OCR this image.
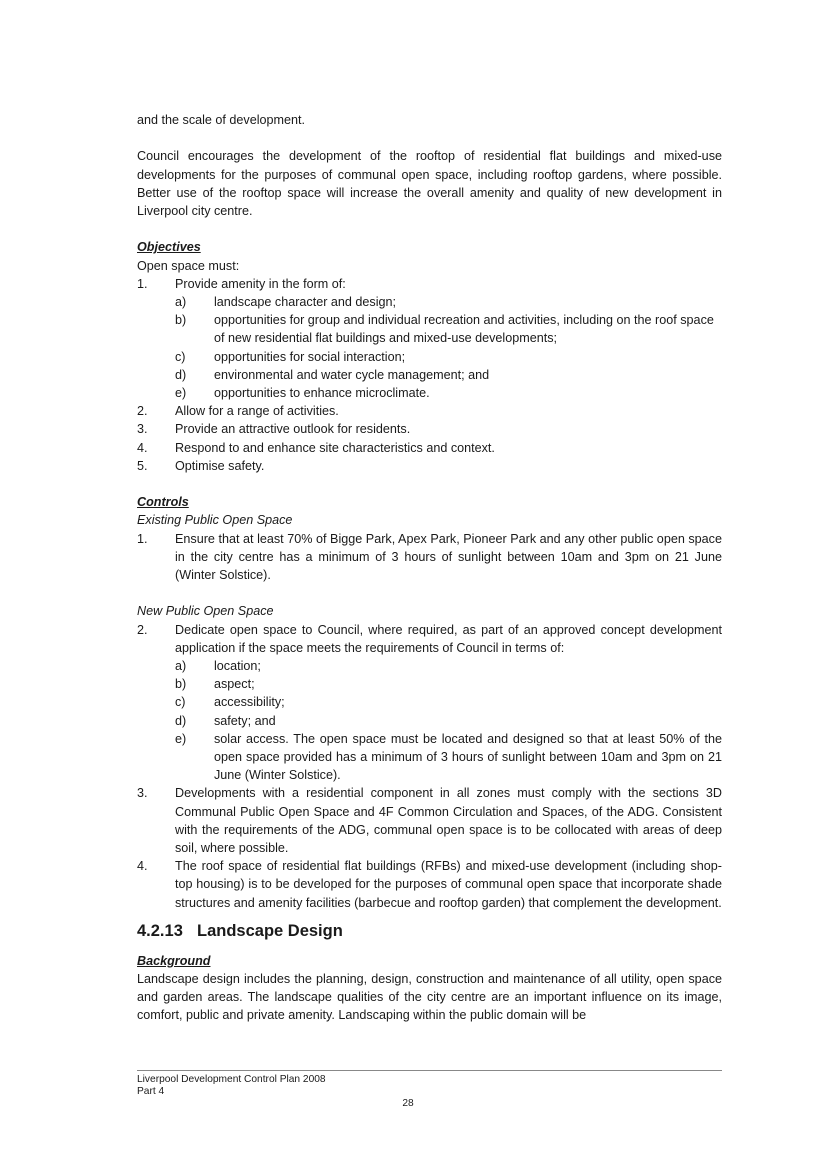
and the scale of development.

Council encourages the development of the rooftop of residential flat buildings and mixed-use developments for the purposes of communal open space, including rooftop gardens, where possible. Better use of the rooftop space will increase the overall amenity and quality of new development in Liverpool city centre.

Objectives

Open space must:

1.	Provide amenity in the form of:
a)	landscape character and design;
b)	opportunities for group and individual recreation and activities, including on the roof space of new residential flat buildings and mixed-use developments;
c)	opportunities for social interaction;
d)	environmental and water cycle management; and
e)	opportunities to enhance microclimate.
2.	Allow for a range of activities.
3.	Provide an attractive outlook for residents.
4.	Respond to and enhance site characteristics and context.
5.	Optimise safety.

Controls

Existing Public Open Space

1.	Ensure that at least 70% of Bigge Park, Apex Park, Pioneer Park and any other public open space in the city centre has a minimum of 3 hours of sunlight between 10am and 3pm on 21 June (Winter Solstice).

New Public Open Space

2.	Dedicate open space to Council, where required, as part of an approved concept development application if the space meets the requirements of Council in terms of:
a)	location;
b)	aspect;
c)	accessibility;
d)	safety; and
e)	solar access. The open space must be located and designed so that at least 50% of the open space provided has a minimum of 3 hours of sunlight between 10am and 3pm on 21 June (Winter Solstice).
3.	Developments with a residential component in all zones must comply with the sections 3D Communal Public Open Space and 4F Common Circulation and Spaces, of the ADG. Consistent with the requirements of the ADG, communal open space is to be collocated with areas of deep soil, where possible.
4.	The roof space of residential flat buildings (RFBs) and mixed-use development (including shop-top housing) is to be developed for the purposes of communal open space that incorporate shade structures and amenity facilities (barbecue and rooftop garden) that complement the development.
4.2.13 Landscape Design

Background

Landscape design includes the planning, design, construction and maintenance of all utility, open space and garden areas. The landscape qualities of the city centre are an important influence on its image, comfort, public and private amenity. Landscaping within the public domain will be

Liverpool Development Control Plan 2008
Part 4
28
